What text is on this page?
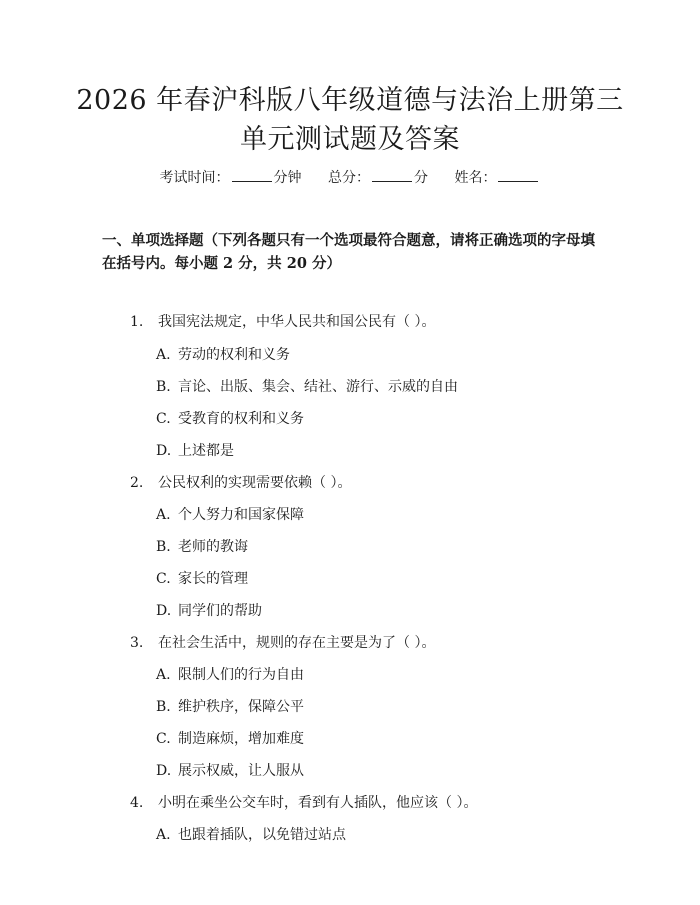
2026 年春沪科版八年级道德与法治上册第三
单元测试题及答案
考试时间：	分钟 总分：	分 姓名：

一、单项选择题（下列各题只有一个选项最符合题意，请将正确选项的字母填在括号内。每小题 2 分，共 20 分）

1. 我国宪法规定，中华人民共和国公民有（ ）。
A. 劳动的权利和义务
B. 言论、出版、集会、结社、游行、示威的自由
C. 受教育的权利和义务
D. 上述都是
2. 公民权利的实现需要依赖（ ）。
A. 个人努力和国家保障
B. 老师的教诲
C. 家长的管理
D. 同学们的帮助
3. 在社会生活中，规则的存在主要是为了（ ）。
A. 限制人们的行为自由
B. 维护秩序，保障公平
C. 制造麻烦，增加难度
D. 展示权威，让人服从
4. 小明在乘坐公交车时，看到有人插队，他应该（ ）。
A. 也跟着插队，以免错过站点
